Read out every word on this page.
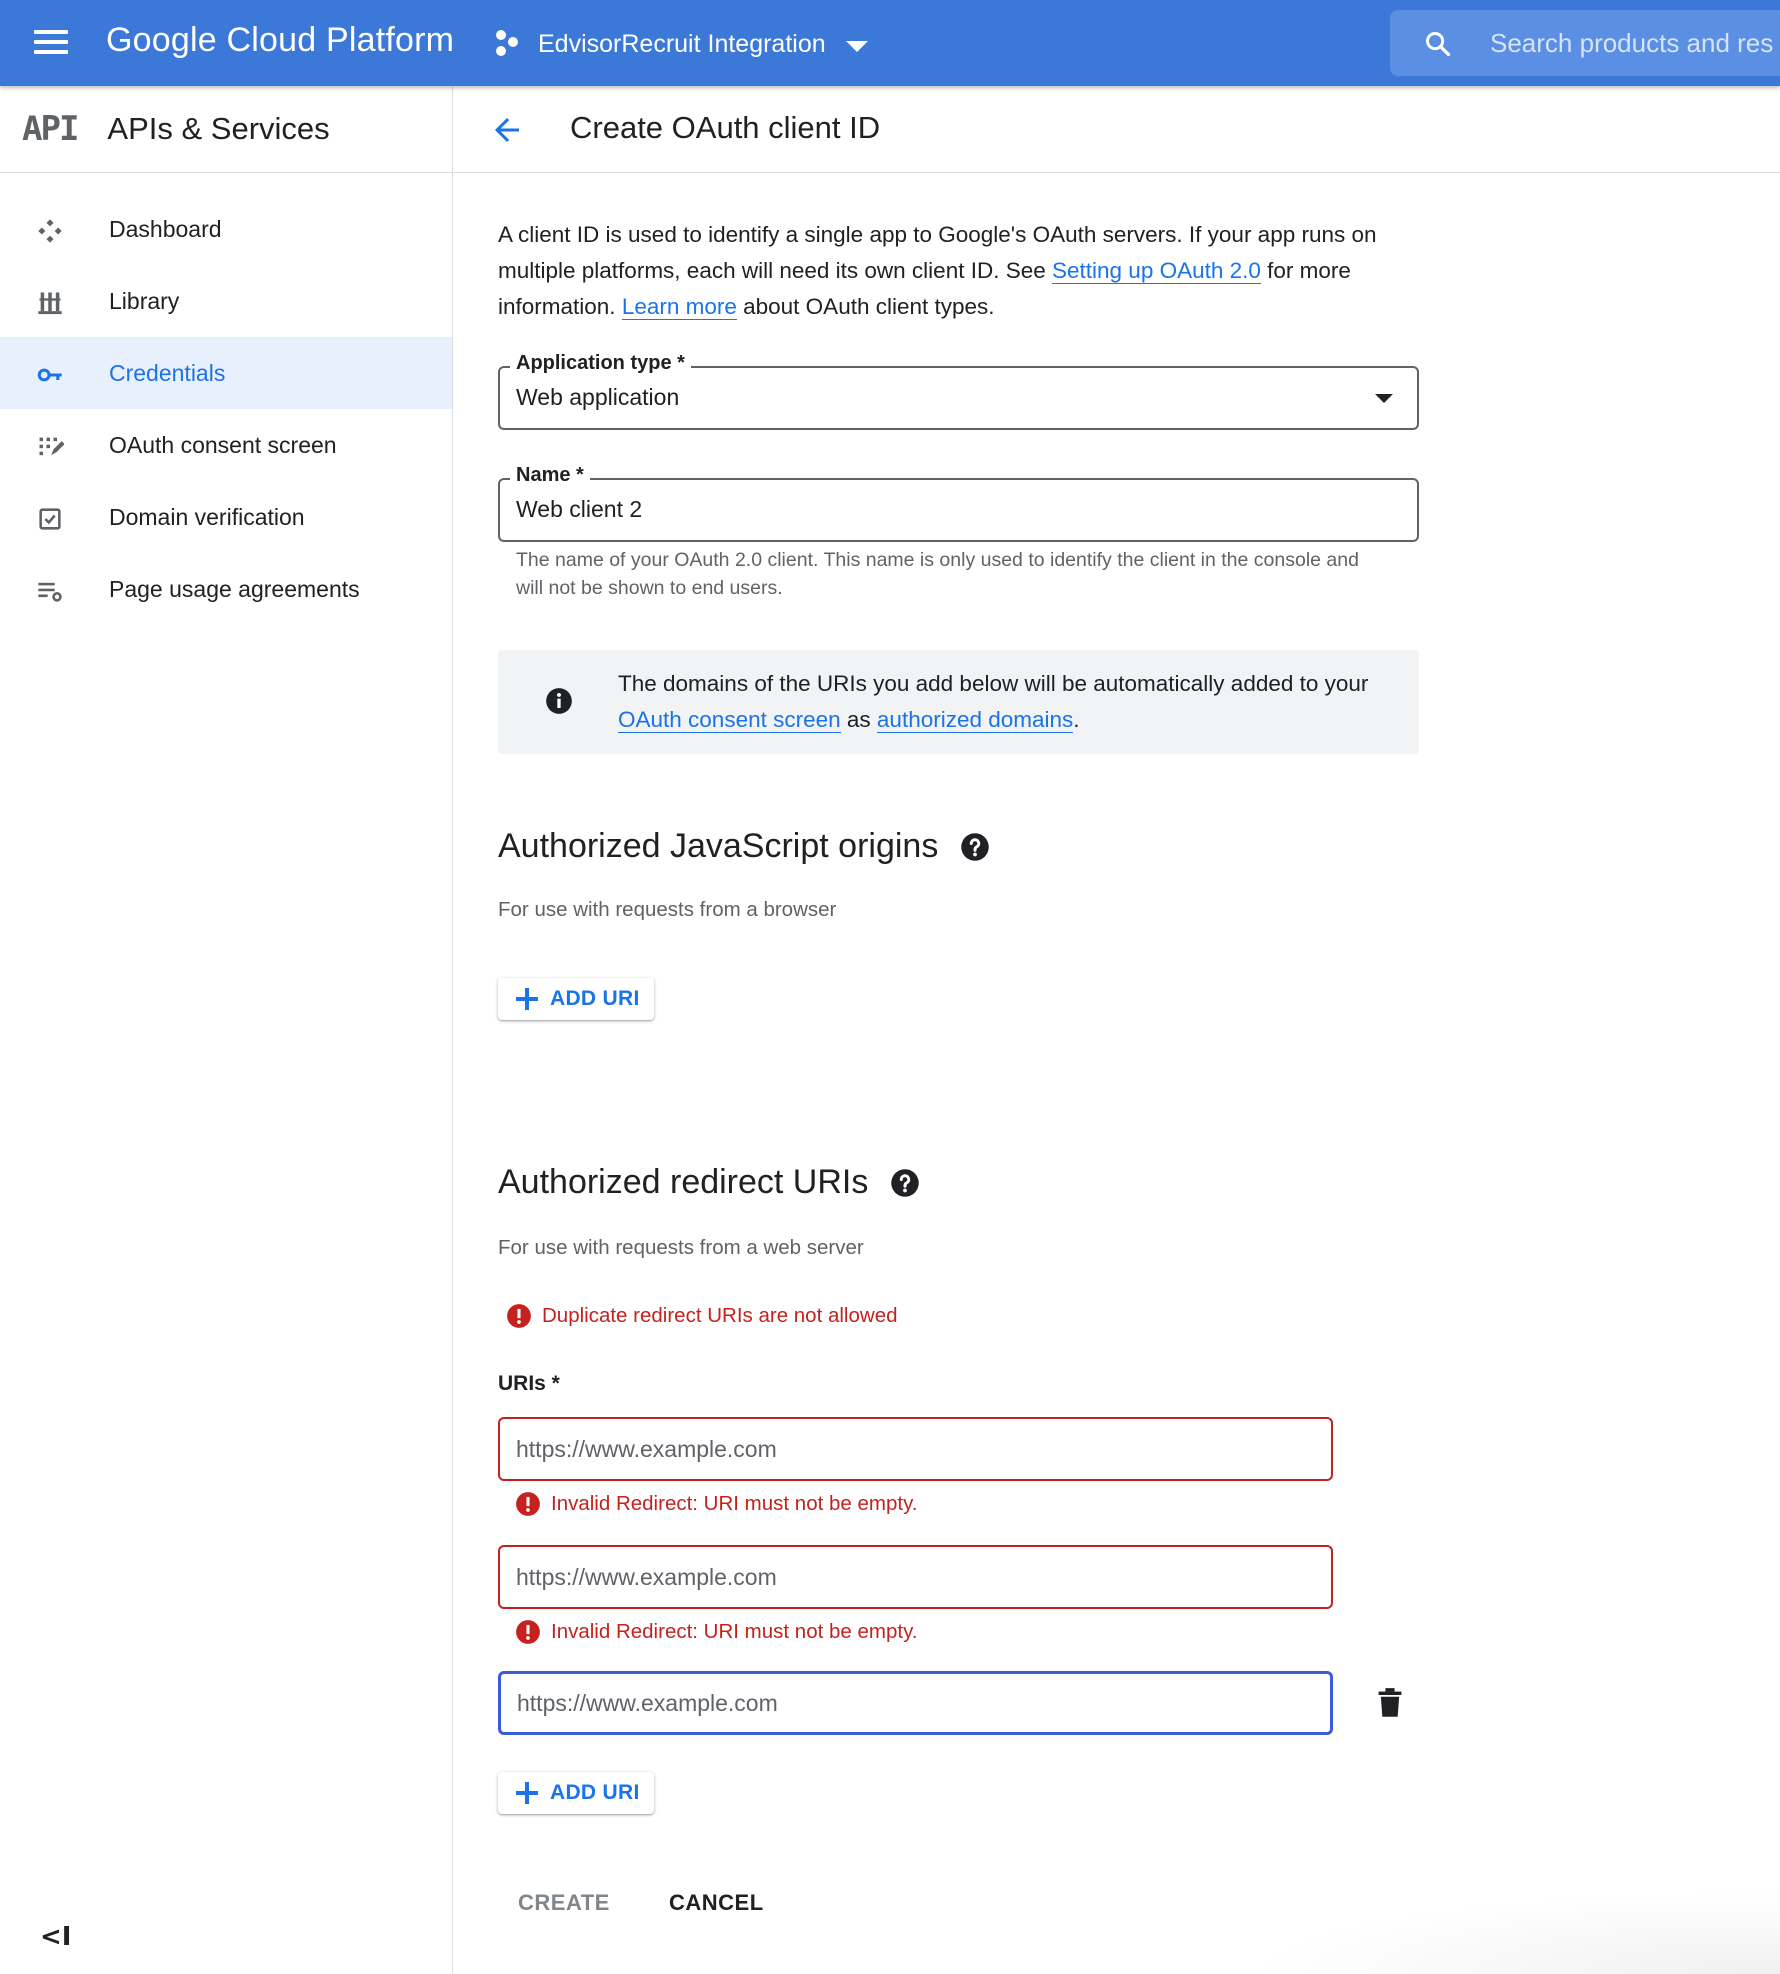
Google Cloud Platform	EdvisorRecruit Integration
Search products and res
API APIs & Services
Dashboard
Library
Credentials
OAuth consent screen
Domain verification
Page usage agreements
<I
Create OAuth client ID

A client ID is used to identify a single app to Google's OAuth servers. If your app runs on multiple platforms, each will need its own client ID. See Setting up OAuth 2.0 for more information. Learn more about OAuth client types.

Application type *
Web application
Name *
Web client 2

The name of your OAuth 2.0 client. This name is only used to identify the client in the console and will not be shown to end users.

The domains of the URIs you add below will be automatically added to your OAuth consent screen as authorized domains.

Authorized JavaScript origins
For use with requests from a browser
ADD URI
Authorized redirect URIs
For use with requests from a web server
Duplicate redirect URIs are not allowed
URIs *
https://www.example.com
Invalid Redirect: URI must not be empty.
https://www.example.com
Invalid Redirect: URI must not be empty.
https://www.example.com
ADD URI
CREATE	CANCEL
